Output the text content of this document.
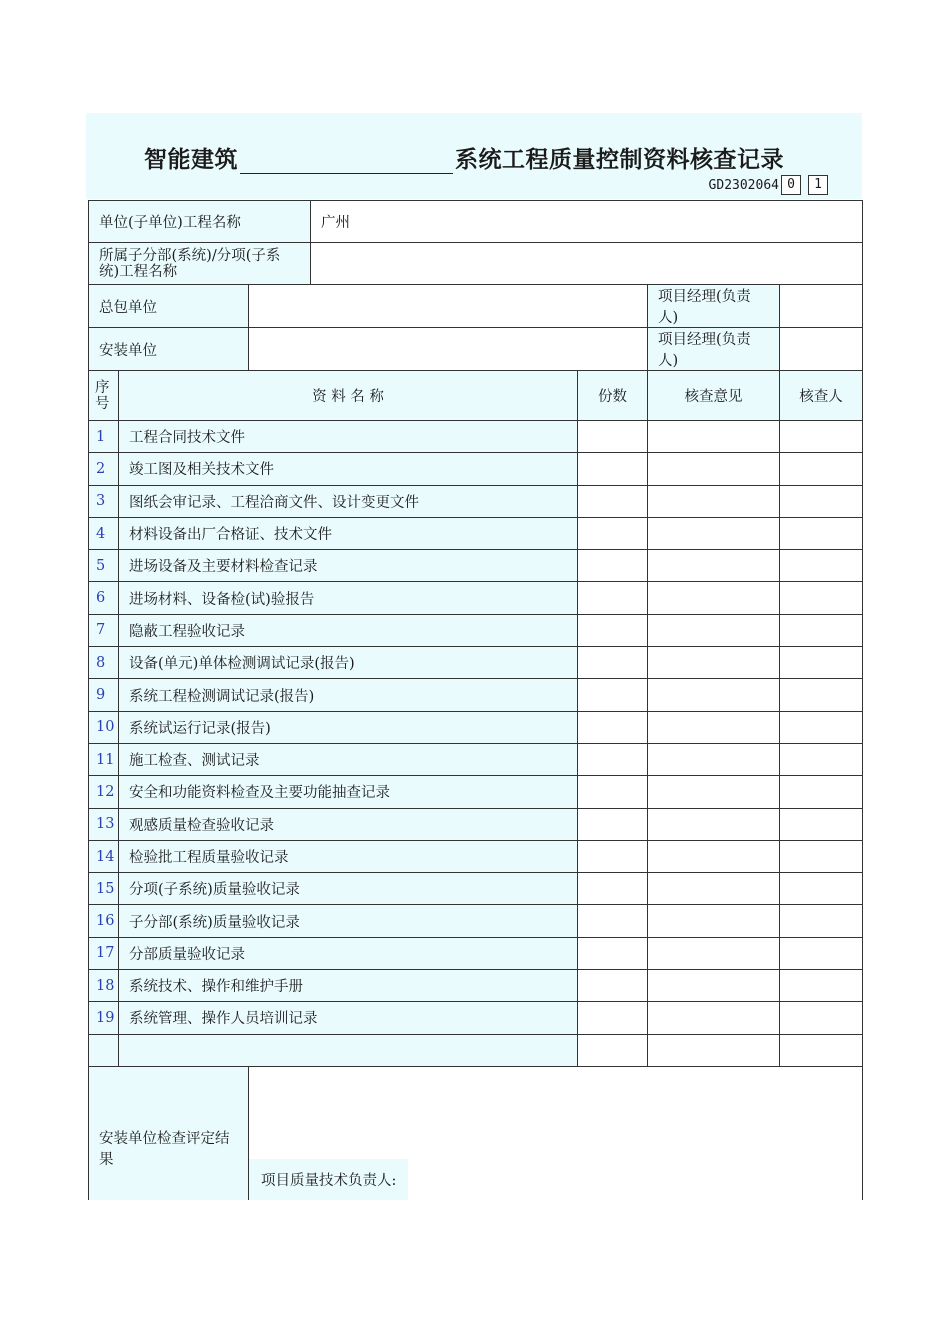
智能建筑	系统工程质量控制资料核查记录
GD2302064 0	1
单位(子单位)工程名称			广州			
所属子分部(系统)/分项(子系统)工程名称						
总包单位					项目经理(负责人)	
安装单位					项目经理(负责人)	
序号	资 料 名 称			份数	核查意见	核查人
1	工程合同技术文件					
2	竣工图及相关技术文件					
3	图纸会审记录、工程洽商文件、设计变更文件					
4	材料设备出厂合格证、技术文件					
5	进场设备及主要材料检查记录					
6	进场材料、设备检(试)验报告					
7	隐蔽工程验收记录					
8	设备(单元)单体检测调试记录(报告)					
9	系统工程检测调试记录(报告)					
10	系统试运行记录(报告)					
11	施工检查、测试记录					
12	安全和功能资料检查及主要功能抽查记录					
13	观感质量检查验收记录					
14	检验批工程质量验收记录					
15	分项(子系统)质量验收记录					
16	子分部(系统)质量验收记录					
17	分部质量验收记录					
18	系统技术、操作和维护手册					
19	系统管理、操作人员培训记录					

安装单位检查评定结果		项目质量技术负责人:				
